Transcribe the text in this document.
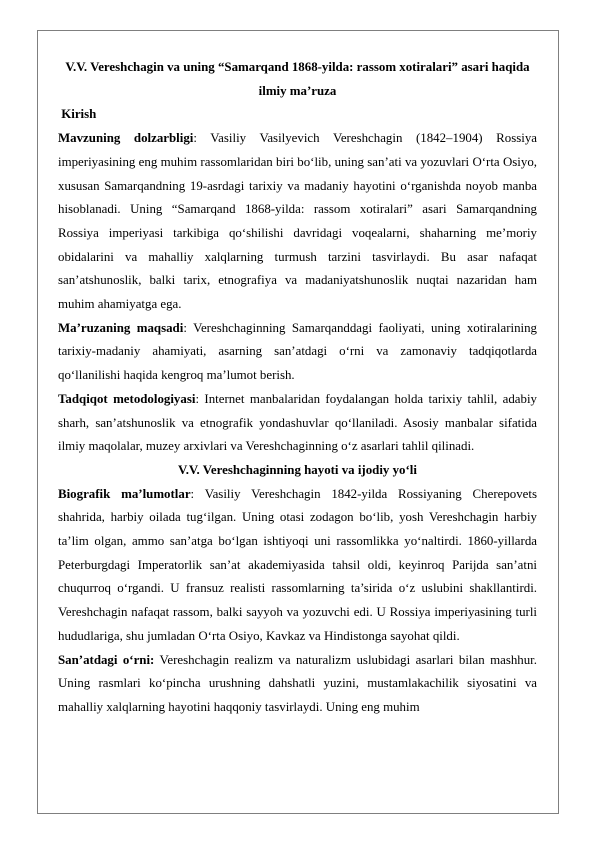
V.V. Vereshchagin va uning “Samarqand 1868-yilda: rassom xotiralari” asari haqida ilmiy ma’ruza

Kirish

Mavzuning dolzarbligi: Vasiliy Vasilyevich Vereshchagin (1842–1904) Rossiya imperiyasining eng muhim rassomlaridan biri bo‘lib, uning san’ati va yozuvlari O‘rta Osiyo, xususan Samarqandning 19-asrdagi tarixiy va madaniy hayotini o‘rganishda noyob manba hisoblanadi. Uning “Samarqand 1868-yilda: rassom xotiralari” asari Samarqandning Rossiya imperiyasi tarkibiga qo‘shilishi davridagi voqealarni, shaharning me’moriy obidalarini va mahalliy xalqlarning turmush tarzini tasvirlaydi. Bu asar nafaqat san’atshunoslik, balki tarix, etnografiya va madaniyatshunoslik nuqtai nazaridan ham muhim ahamiyatga ega.

Ma’ruzaning maqsadi: Vereshchaginning Samarqanddagi faoliyati, uning xotiralarining tarixiy-madaniy ahamiyati, asarning san’atdagi o‘rni va zamonaviy tadqiqotlarda qo‘llanilishi haqida kengroq ma’lumot berish.

Tadqiqot metodologiyasi: Internet manbalaridan foydalangan holda tarixiy tahlil, adabiy sharh, san’atshunoslik va etnografik yondashuvlar qo‘llaniladi. Asosiy manbalar sifatida ilmiy maqolalar, muzey arxivlari va Vereshchaginning o‘z asarlari tahlil qilinadi.

V.V. Vereshchaginning hayoti va ijodiy yo‘li

Biografik ma’lumotlar: Vasiliy Vereshchagin 1842-yilda Rossiyaning Cherepovets shahrida, harbiy oilada tug‘ilgan. Uning otasi zodagon bo‘lib, yosh Vereshchagin harbiy ta’lim olgan, ammo san’atga bo‘lgan ishtiyoqi uni rassomlikka yo‘naltirdi. 1860-yillarda Peterburgdagi Imperatorlik san’at akademiyasida tahsil oldi, keyinroq Parijda san’atni chuqurroq o‘rgandi. U fransuz realisti rassomlarning ta’sirida o‘z uslubini shakllantirdi. Vereshchagin nafaqat rassom, balki sayyoh va yozuvchi edi. U Rossiya imperiyasining turli hududlariga, shu jumladan O‘rta Osiyo, Kavkaz va Hindistonga sayohat qildi.

San’atdagi o‘rni: Vereshchagin realizm va naturalizm uslubidagi asarlari bilan mashhur. Uning rasmlari ko‘pincha urushning dahshatli yuzini, mustamlakachilik siyosatini va mahalliy xalqlarning hayotini haqqoniy tasvirlaydi. Uning eng muhim
